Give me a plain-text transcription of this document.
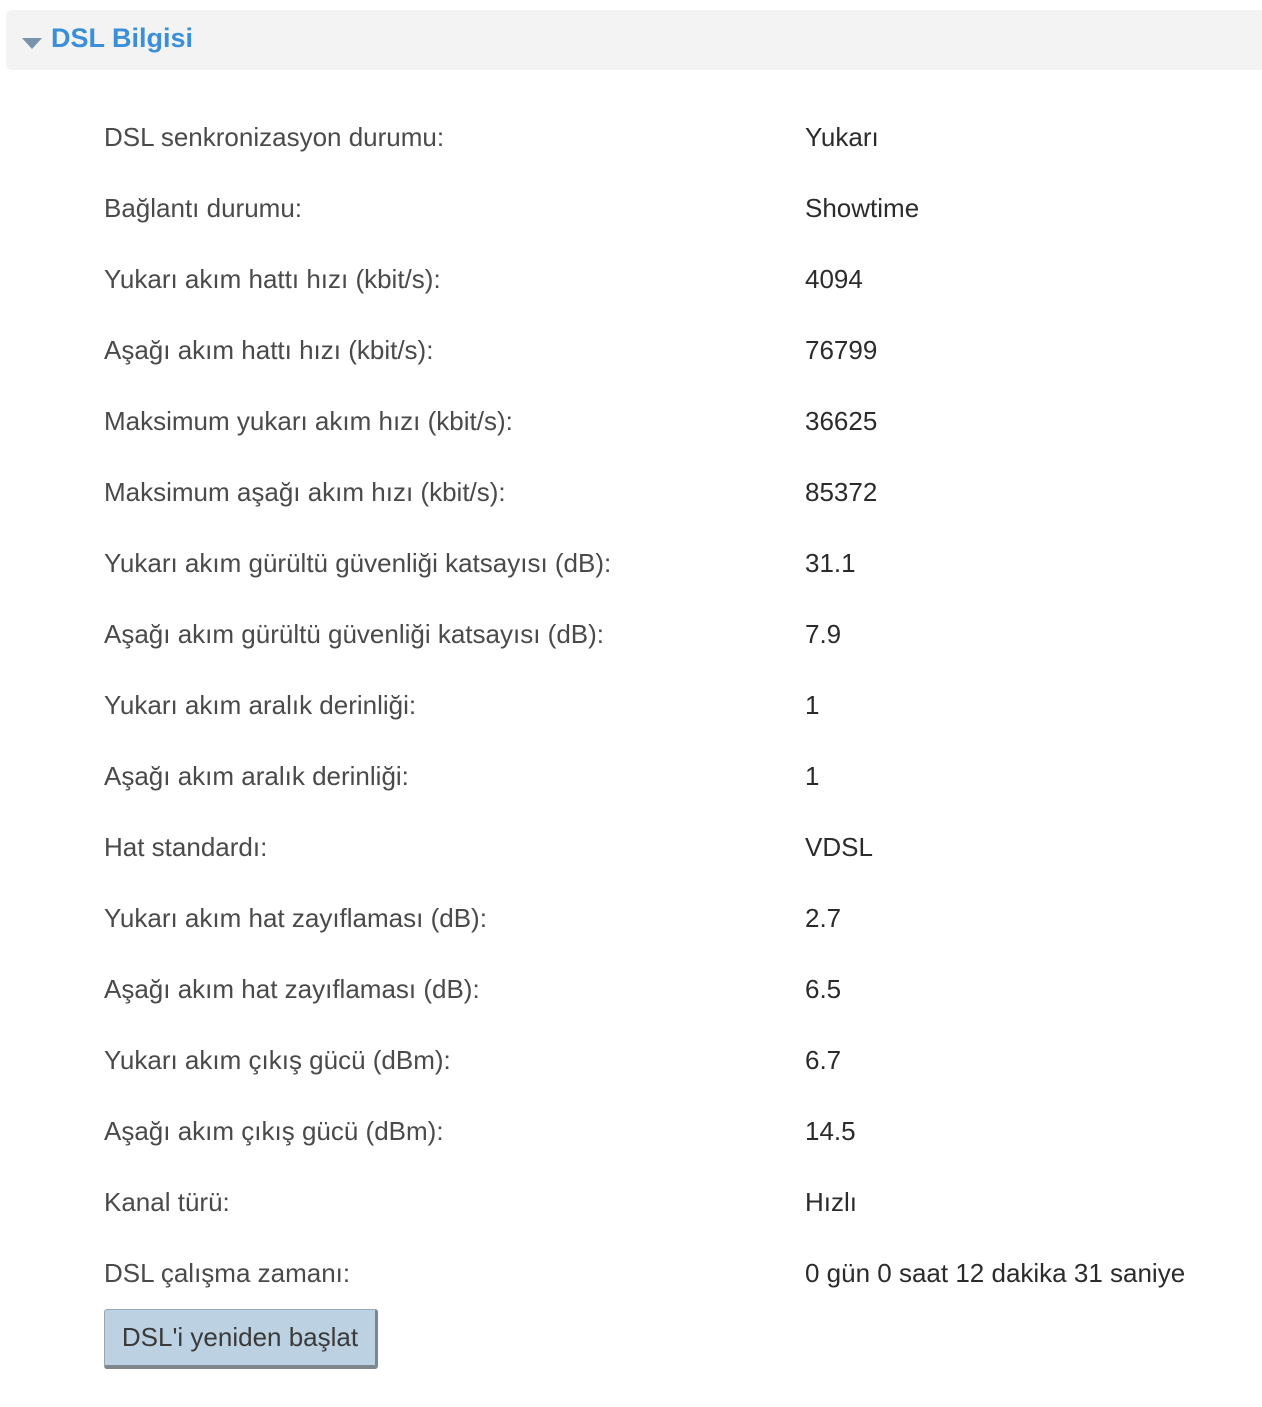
DSL Bilgisi
DSL senkronizasyon durumu:	Yukarı
Bağlantı durumu:	Showtime
Yukarı akım hattı hızı (kbit/s):	4094
Aşağı akım hattı hızı (kbit/s):	76799
Maksimum yukarı akım hızı (kbit/s):	36625
Maksimum aşağı akım hızı (kbit/s):	85372
Yukarı akım gürültü güvenliği katsayısı (dB):	31.1
Aşağı akım gürültü güvenliği katsayısı (dB):	7.9
Yukarı akım aralık derinliği:	1
Aşağı akım aralık derinliği:	1
Hat standardı:	VDSL
Yukarı akım hat zayıflaması (dB):	2.7
Aşağı akım hat zayıflaması (dB):	6.5
Yukarı akım çıkış gücü (dBm):	6.7
Aşağı akım çıkış gücü (dBm):	14.5
Kanal türü:	Hızlı
DSL çalışma zamanı:	0 gün 0 saat 12 dakika 31 saniye
DSL'i yeniden başlat
